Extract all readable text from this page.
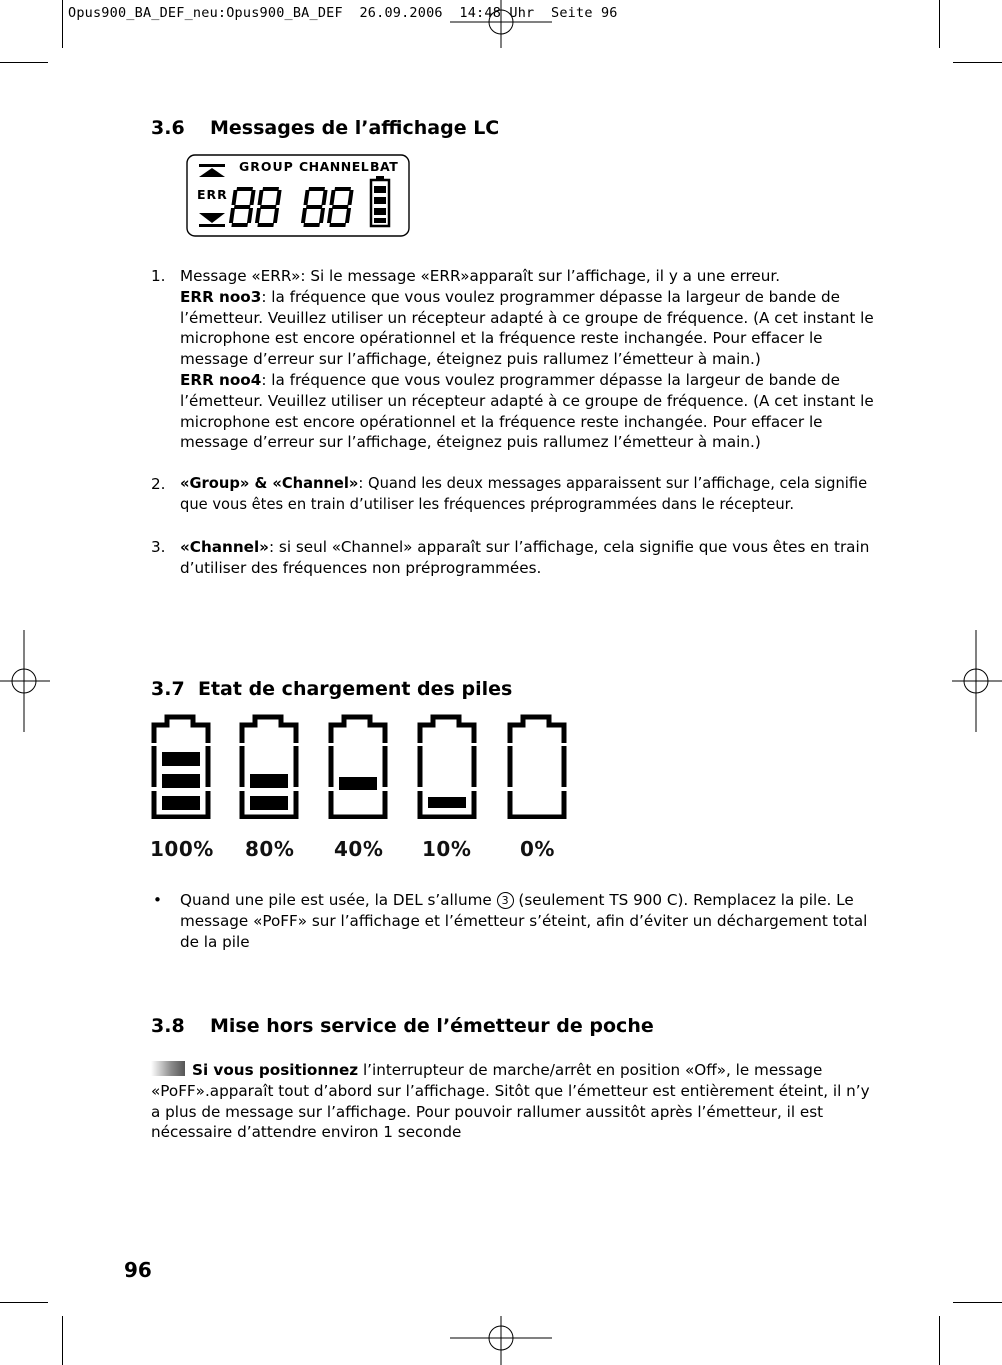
Opus900_BA_DEF_neu:Opus900_BA_DEF  26.09.2006  14:48 Uhr  Seite 96
3.6 Messages de l’affichage LC
GROUP CHANNEL BAT
ERR
1. Message «ERR»: Si le message «ERR»apparaît sur l’affichage, il y a une erreur.

ERR noo3: la fréquence que vous voulez programmer dépasse la largeur de bande de l’émetteur. Veuillez utiliser un récepteur adapté à ce groupe de fréquence. (A cet instant le microphone est encore opérationnel et la fréquence reste inchangée. Pour effacer le message d’erreur sur l’affichage, éteignez puis rallumez l’émetteur à main.)

ERR noo4: la fréquence que vous voulez programmer dépasse la largeur de bande de l’émetteur. Veuillez utiliser un récepteur adapté à ce groupe de fréquence. (A cet instant le microphone est encore opérationnel et la fréquence reste inchangée. Pour effacer le message d’erreur sur l’affichage, éteignez puis rallumez l’émetteur à main.)

2. «Group» & «Channel»: Quand les deux messages apparaissent sur l’affichage, cela signifie que vous êtes en train d’utiliser les fréquences préprogrammées dans le récepteur.

3. «Channel»: si seul «Channel» apparaît sur l’affichage, cela signifie que vous êtes en train d’utiliser des fréquences non préprogrammées.

3.7 Etat de chargement des piles
100% 80% 40% 10% 0%
• Quand une pile est usée, la DEL s’allume 3 (seulement TS 900 C). Remplacez la pile. Le message «PoFF» sur l’affichage et l’émetteur s’éteint, afin d’éviter un déchargement total de la pile

3.8 Mise hors service de l’émetteur de poche
Si vous positionnez l’interrupteur de marche/arrêt en position «Off», le message «PoFF».apparaît tout d’abord sur l’affichage. Sitôt que l’émetteur est entièrement éteint, il n’y a plus de message sur l’affichage. Pour pouvoir rallumer aussitôt après l’émetteur, il est nécessaire d’attendre environ 1 seconde
96
